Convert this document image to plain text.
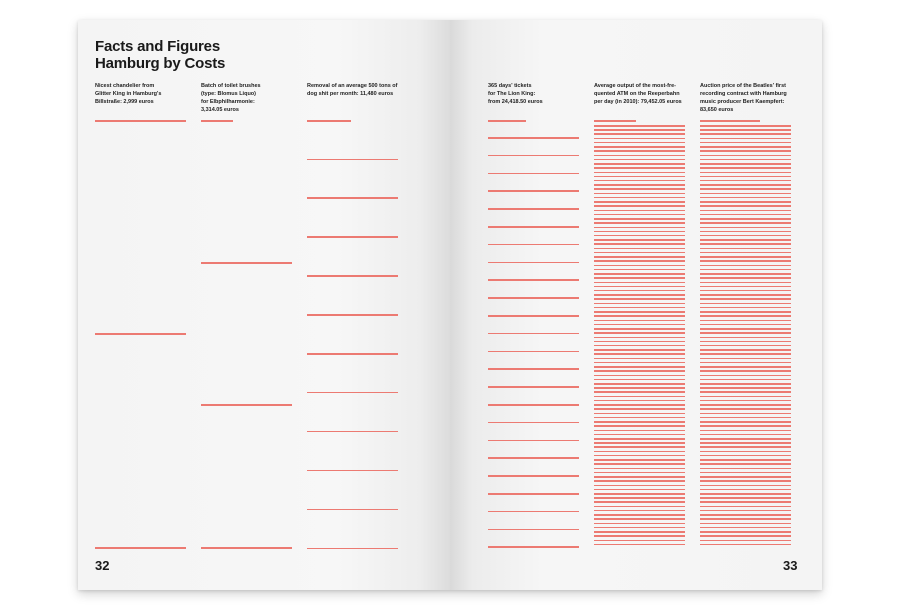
Facts and Figures
Hamburg by Costs
Nicest chandelier from
Glitter King in Hamburg's
Billstraße: 2,999 euros
Batch of toilet brushes
(type: Blomus Liquo)
for Elbphilharmonie:
3,314.05 euros
Removal of an average 500 tons of
dog shit per month: 11,480 euros
32
365 days' tickets
for The Lion King:
from 24,418.50 euros
Average output of the most-fre-
quented ATM on the Reeperbahn
per day (in 2010): 79,452.05 euros
Auction price of the Beatles' first
recording contract with Hamburg
music producer Bert Kaempfert:
83,650 euros
33
